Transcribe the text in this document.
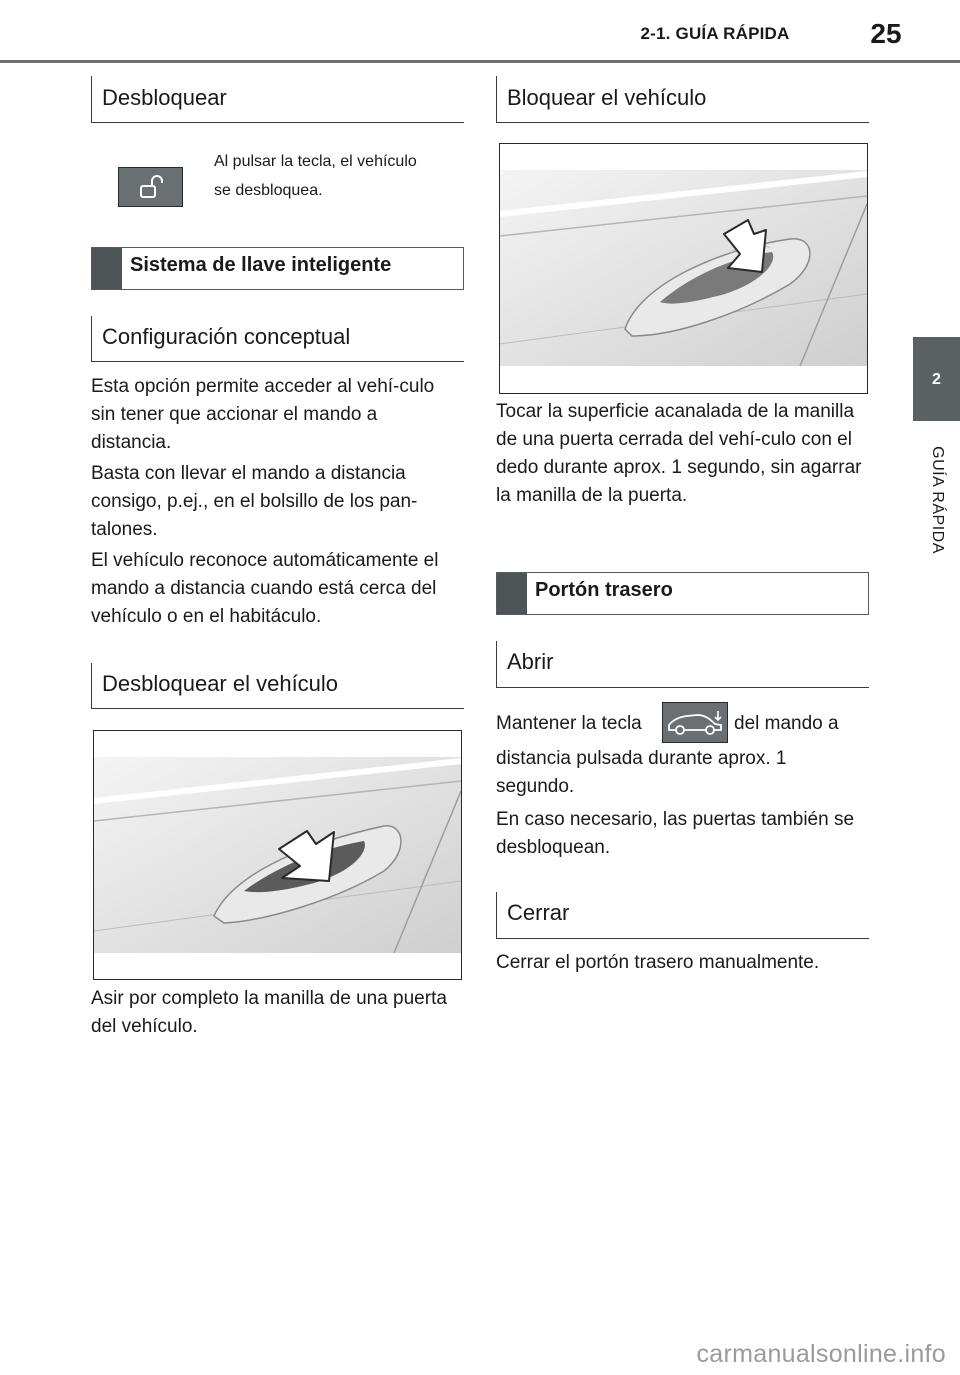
2-1. GUÍA RÁPIDA	25
2
GUÍA RÁPIDA
Desbloquear

Al pulsar la tecla, el vehículo

se desbloquea.

Sistema de llave inteligente
Configuración conceptual

Esta opción permite acceder al vehí-culo sin tener que accionar el mando a distancia.

Basta con llevar el mando a distancia consigo, p.ej., en el bolsillo de los pan-talones.

El vehículo reconoce automáticamente el mando a distancia cuando está cerca del vehículo o en el habitáculo.

Desbloquear el vehículo

Asir por completo la manilla de una puerta del vehículo.

Bloquear el vehículo

Tocar la superficie acanalada de la manilla de una puerta cerrada del vehí-culo con el dedo durante aprox. 1 segundo, sin agarrar la manilla de la puerta.

Portón trasero
Abrir
Mantener la tecla	del mando a

distancia pulsada durante aprox. 1 segundo.

En caso necesario, las puertas también se desbloquean.

Cerrar

Cerrar el portón trasero manualmente.

carmanualsonline.info
